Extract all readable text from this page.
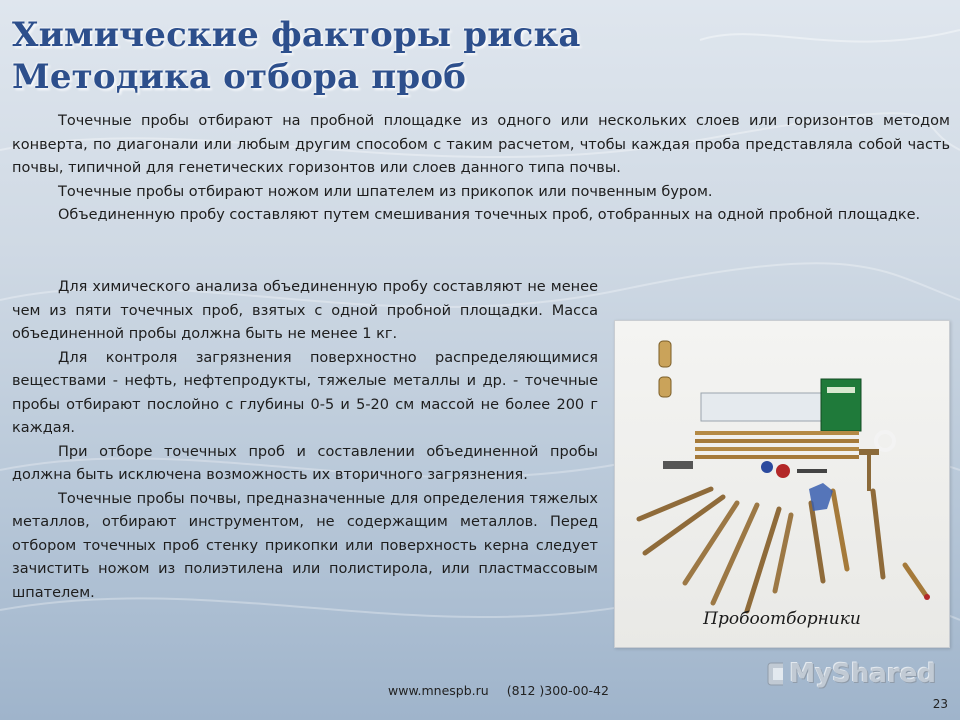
Химические факторы риска
Методика отбора проб

Точечные пробы отбирают на пробной площадке из одного или нескольких слоев или горизонтов методом конверта, по диагонали или любым другим способом с таким расчетом, чтобы каждая проба представляла собой часть почвы, типичной для генетических горизонтов или слоев данного типа почвы.

Точечные пробы отбирают ножом или шпателем из прикопок или почвенным буром.

Объединенную пробу составляют путем смешивания точечных проб, отобранных на одной пробной площадке.

Для химического анализа объединенную пробу составляют не менее чем из пяти точечных проб, взятых с одной пробной площадки. Масса объединенной пробы должна быть не менее 1 кг.

Для контроля загрязнения поверхностно распределяющимися веществами - нефть, нефтепродукты, тяжелые металлы и др. - точечные пробы отбирают послойно с глубины 0-5 и 5-20 см массой не более 200 г каждая.

При отборе точечных проб и составлении объединенной пробы должна быть исключена возможность их вторичного загрязнения.

Точечные пробы почвы, предназначенные для определения тяжелых металлов, отбирают инструментом, не содержащим металлов. Перед отбором точечных проб стенку прикопки или поверхность керна следует зачистить ножом из полиэтилена или полистирола, или пластмассовым шпателем.

Пробоотборники
MyShared
www.mnespb.ru (812 )300-00-42
23
